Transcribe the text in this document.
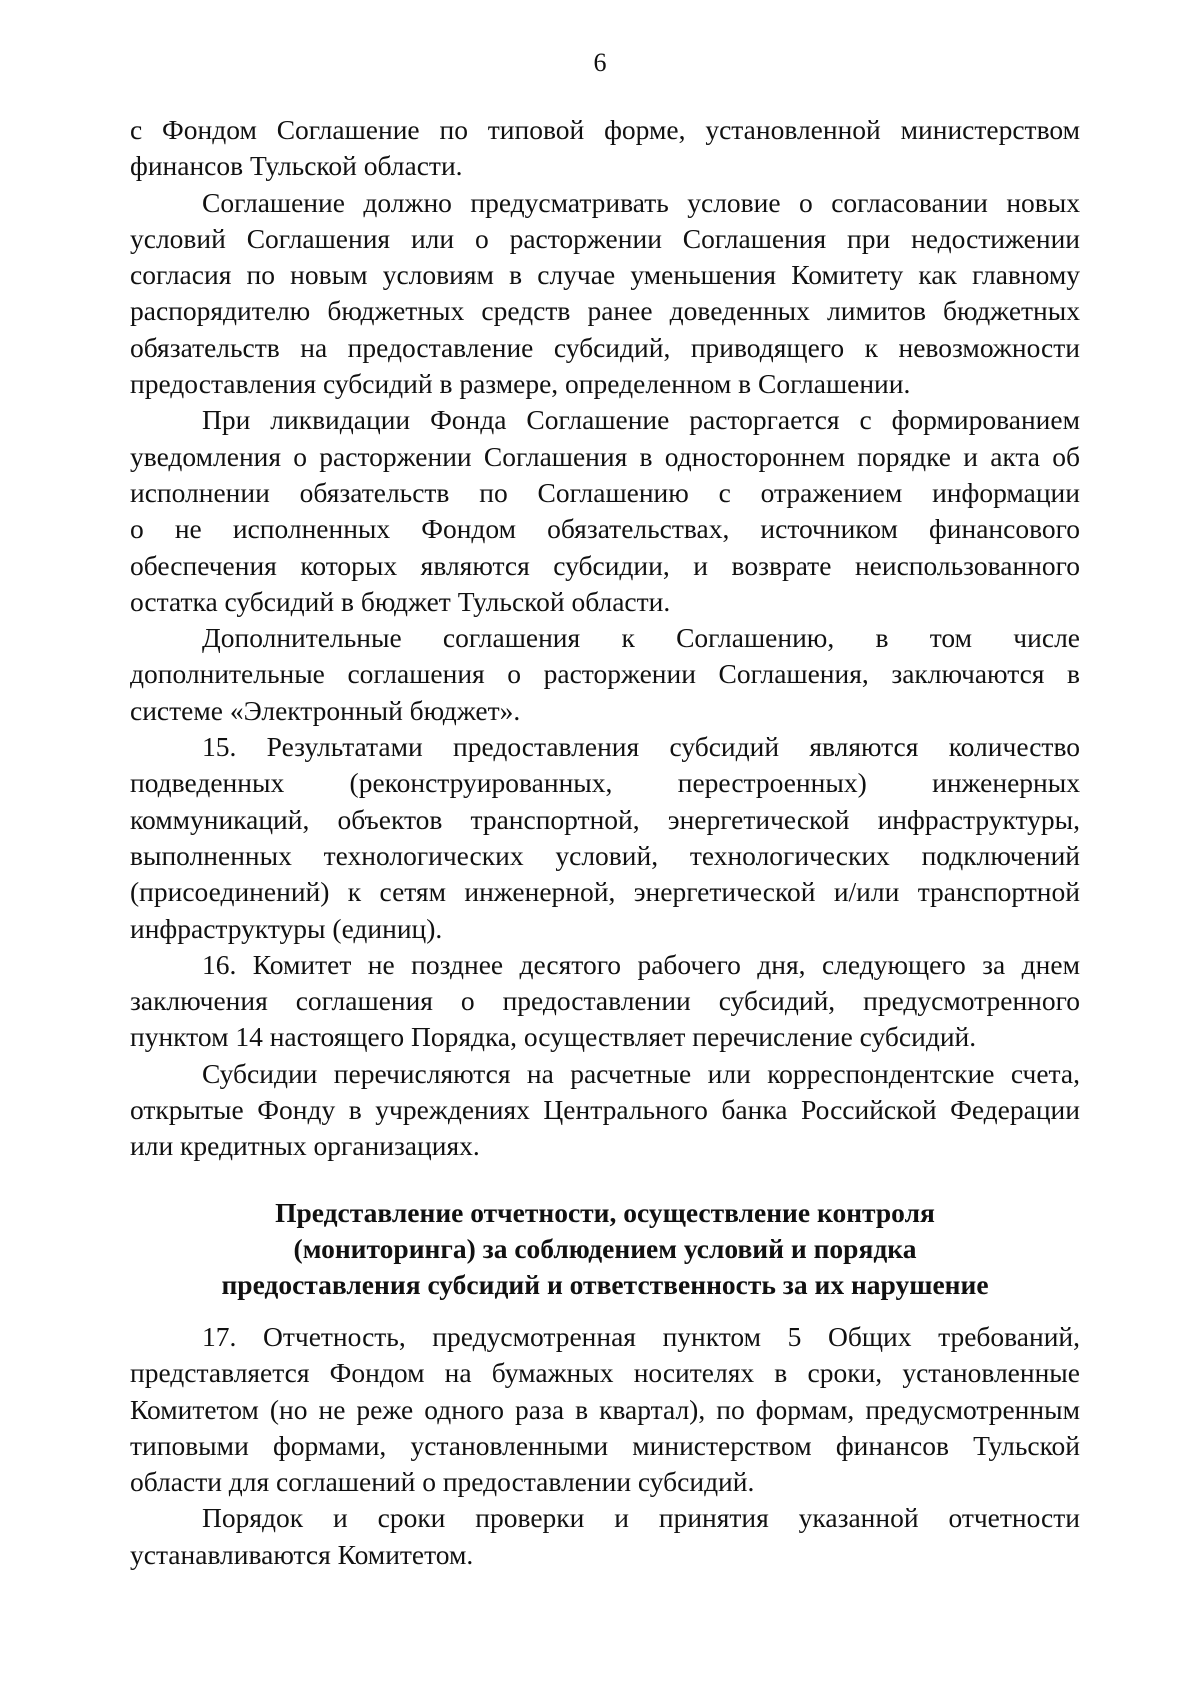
6

с Фондом Соглашение по типовой форме, установленной министерством

финансов Тульской области.

Соглашение должно предусматривать условие о согласовании новых

условий Соглашения или о расторжении Соглашения при недостижении

согласия по новым условиям в случае уменьшения Комитету как главному

распорядителю бюджетных средств ранее доведенных лимитов бюджетных

обязательств на предоставление субсидий, приводящего к невозможности

предоставления субсидий в размере, определенном в Соглашении.

При ликвидации Фонда Соглашение расторгается с формированием

уведомления о расторжении Соглашения в одностороннем порядке и акта об

исполнении обязательств по Соглашению с отражением информации

о не исполненных Фондом обязательствах, источником финансового

обеспечения которых являются субсидии, и возврате неиспользованного

остатка субсидий в бюджет Тульской области.

Дополнительные соглашения к Соглашению, в том числе

дополнительные соглашения о расторжении Соглашения, заключаются в

системе «Электронный бюджет».

15. Результатами предоставления субсидий являются количество

подведенных (реконструированных, перестроенных) инженерных

коммуникаций, объектов транспортной, энергетической инфраструктуры,

выполненных технологических условий, технологических подключений

(присоединений) к сетям инженерной, энергетической и/или транспортной

инфраструктуры (единиц).

16. Комитет не позднее десятого рабочего дня, следующего за днем

заключения соглашения о предоставлении субсидий, предусмотренного

пунктом 14 настоящего Порядка, осуществляет перечисление субсидий.

Субсидии перечисляются на расчетные или корреспондентские счета,

открытые Фонду в учреждениях Центрального банка Российской Федерации

или кредитных организациях.

Представление отчетности, осуществление контроля
(мониторинга) за соблюдением условий и порядка
предоставления субсидий и ответственность за их нарушение

17. Отчетность, предусмотренная пунктом 5 Общих требований,

представляется Фондом на бумажных носителях в сроки, установленные

Комитетом (но не реже одного раза в квартал), по формам, предусмотренным

типовыми формами, установленными министерством финансов Тульской

области для соглашений о предоставлении субсидий.

Порядок и сроки проверки и принятия указанной отчетности

устанавливаются Комитетом.
